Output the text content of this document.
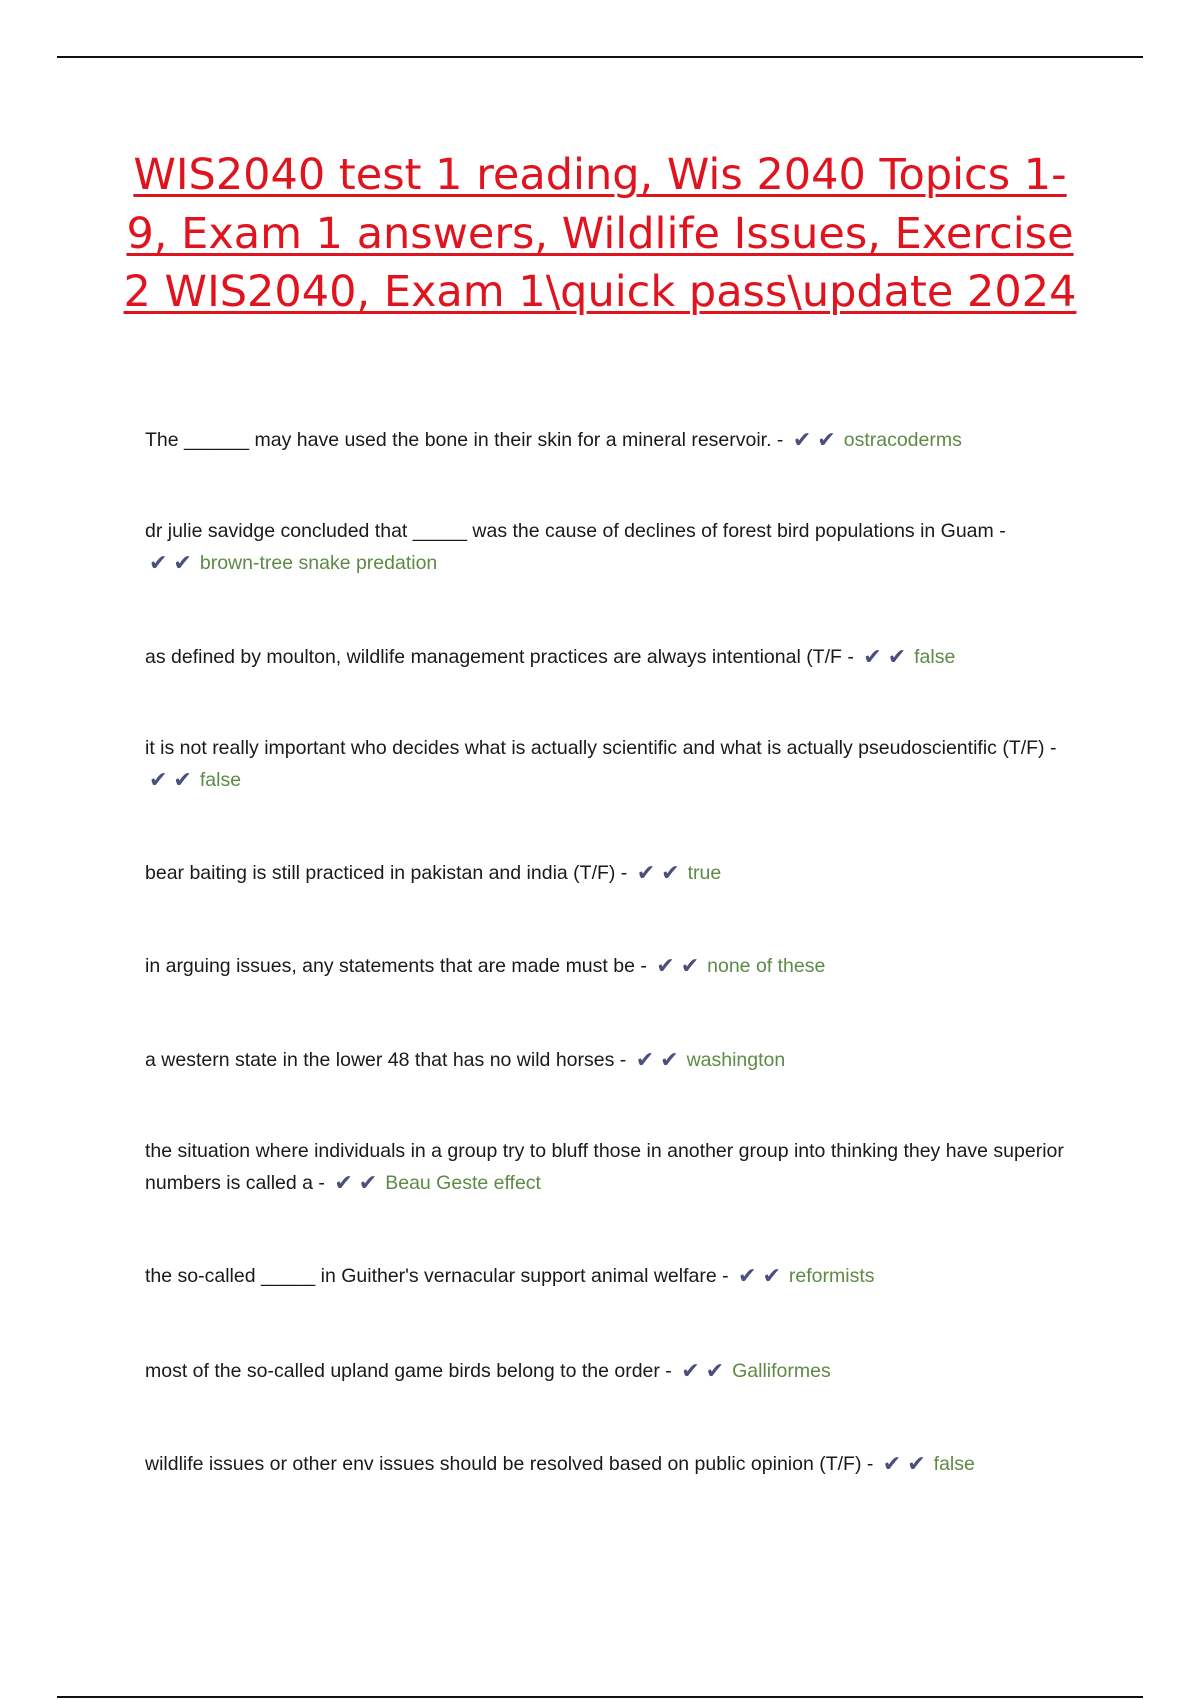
WIS2040 test 1 reading, Wis 2040 Topics 1-9, Exam 1 answers, Wildlife Issues, Exercise 2 WIS2040, Exam 1\quick pass\update 2024

The ______ may have used the bone in their skin for a mineral reservoir. - ✔✔ ostracoderms

dr julie savidge concluded that _____ was the cause of declines of forest bird populations in Guam - ✔✔ brown-tree snake predation

as defined by moulton, wildlife management practices are always intentional (T/F - ✔✔ false

it is not really important who decides what is actually scientific and what is actually pseudoscientific (T/F) - ✔✔ false

bear baiting is still practiced in pakistan and india (T/F) - ✔✔ true

in arguing issues, any statements that are made must be - ✔✔ none of these

a western state in the lower 48 that has no wild horses - ✔✔ washington

the situation where individuals in a group try to bluff those in another group into thinking they have superior numbers is called a - ✔✔ Beau Geste effect

the so-called _____ in Guither's vernacular support animal welfare - ✔✔ reformists

most of the so-called upland game birds belong to the order - ✔✔ Galliformes

wildlife issues or other env issues should be resolved based on public opinion (T/F) - ✔✔ false
